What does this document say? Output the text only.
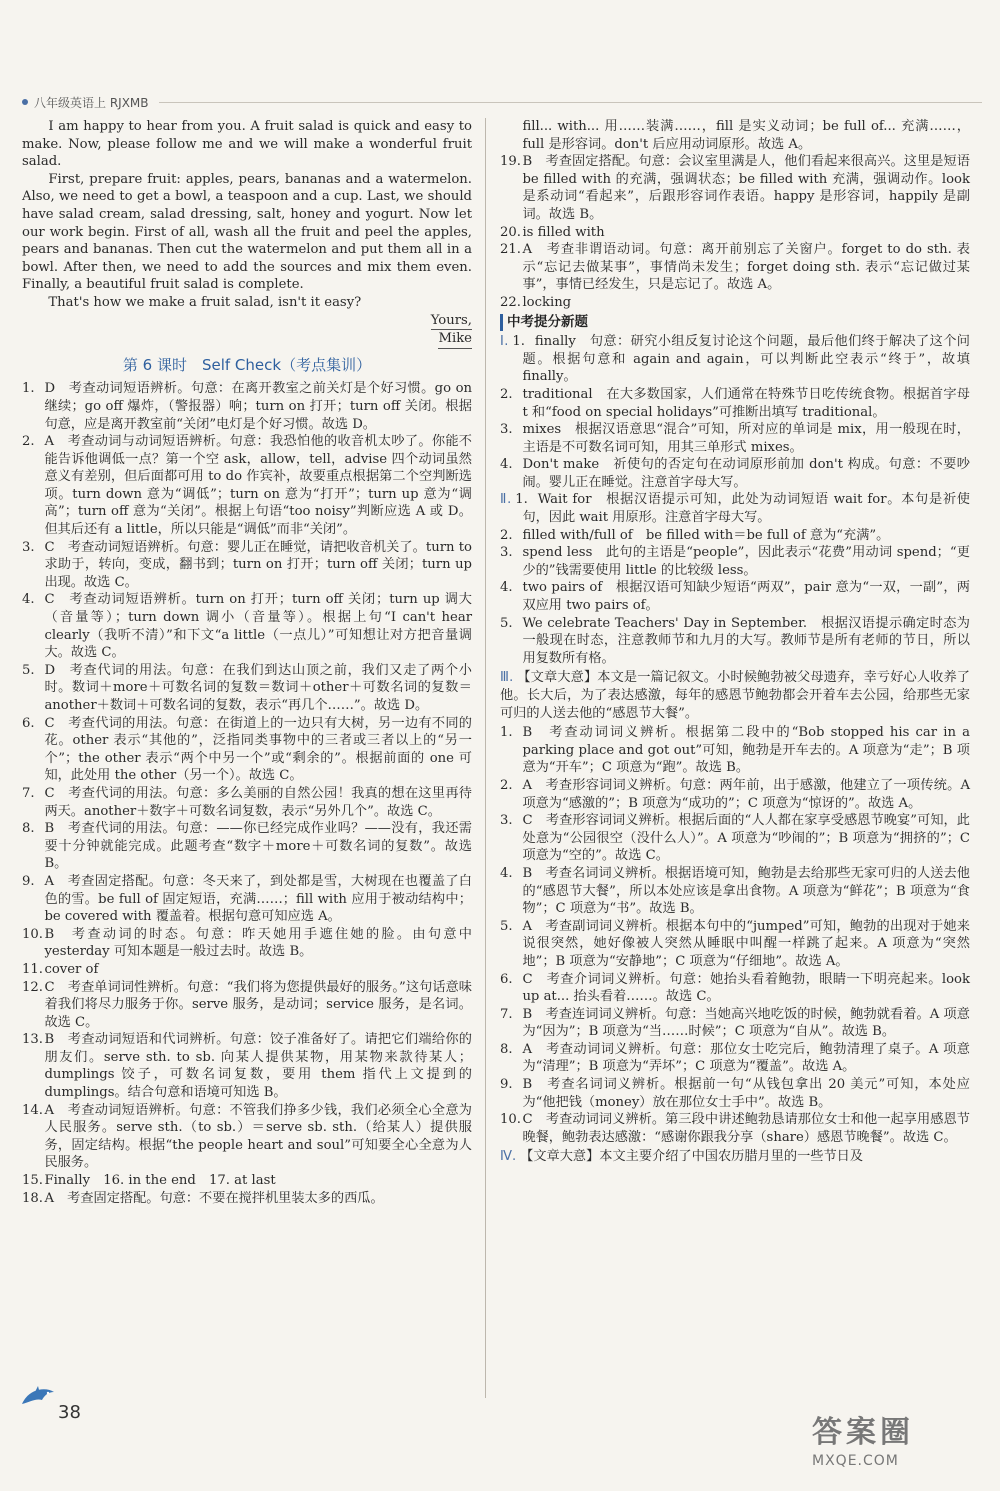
八年级英语上 RJXMB

I am happy to hear from you. A fruit salad is quick and easy to make. Now, please follow me and we will make a wonderful fruit salad.

First, prepare fruit: apples, pears, bananas and a watermelon. Also, we need to get a bowl, a teaspoon and a cup. Last, we should have salad cream, salad dressing, salt, honey and yogurt. Now let our work begin. First of all, wash all the fruit and peel the apples, pears and bananas. Then cut the watermelon and put them all in a bowl. After then, we need to add the sources and mix them even. Finally, a beautiful fruit salad is complete.

That's how we make a fruit salad, isn't it easy?

Yours,

Mike

第 6 课时　Self Check（考点集训）

1. D　考查动词短语辨析。句意：在离开教室之前关灯是个好习惯。go on 继续；go off 爆炸，（警报器）响；turn on 打开；turn off 关闭。根据句意，应是离开教室前“关闭”电灯是个好习惯。故选 D。

2. A　考查动词与动词短语辨析。句意：我恐怕他的收音机太吵了。你能不能告诉他调低一点？第一个空 ask，allow，tell，advise 四个动词虽然意义有差别，但后面都可用 to do 作宾补，故要重点根据第二个空判断选项。turn down 意为“调低”；turn on 意为“打开”；turn up 意为“调高”；turn off 意为“关闭”。根据上句语“too noisy”判断应选 A 或 D。但其后还有 a little，所以只能是“调低”而非“关闭”。

3. C　考查动词短语辨析。句意：婴儿正在睡觉，请把收音机关了。turn to 求助于，转向，变成，翻书到；turn on 打开；turn off 关闭；turn up 出现。故选 C。

4. C　考查动词短语辨析。turn on 打开；turn off 关闭；turn up 调大（音量等）；turn down 调小（音量等）。根据上句“I can't hear clearly（我听不清）”和下文“a little（一点儿）”可知想让对方把音量调大。故选 C。

5. D　考查代词的用法。句意：在我们到达山顶之前，我们又走了两个小时。数词＋more＋可数名词的复数＝数词＋other＋可数名词的复数＝another＋数词＋可数名词的复数，表示“再几个……”。故选 D。

6. C　考查代词的用法。句意：在街道上的一边只有大树，另一边有不同的花。other 表示“其他的”，泛指同类事物中的三者或三者以上的“另一个”；the other 表示“两个中另一个”或“剩余的”。根据前面的 one 可知，此处用 the other（另一个）。故选 C。

7. C　考查代词的用法。句意：多么美丽的自然公园！我真的想在这里再待两天。another＋数字＋可数名词复数，表示“另外几个”。故选 C。

8. B　考查代词的用法。句意：——你已经完成作业吗？——没有，我还需要十分钟就能完成。此题考查“数字＋more＋可数名词的复数”。故选 B。

9. A　考查固定搭配。句意：冬天来了，到处都是雪，大树现在也覆盖了白色的雪。be full of 固定短语，充满……；fill with 应用于被动结构中；be covered with 覆盖着。根据句意可知应选 A。

10.B　考查动词的时态。句意：昨天她用手遮住她的脸。由句意中 yesterday 可知本题是一般过去时。故选 B。

11.cover of

12.C　考查单词词性辨析。句意：“我们将为您提供最好的服务。”这句话意味着我们将尽力服务于你。serve 服务，是动词；service 服务，是名词。故选 C。

13.B　考查动词短语和代词辨析。句意：饺子准备好了。请把它们端给你的朋友们。serve sth. to sb. 向某人提供某物，用某物来款待某人；dumplings 饺子，可数名词复数，要用 them 指代上文提到的 dumplings。结合句意和语境可知选 B。

14.A　考查动词短语辨析。句意：不管我们挣多少钱，我们必须全心全意为人民服务。serve sth.（to sb.）＝serve sb. sth.（给某人）提供服务，固定结构。根据“the people heart and soul”可知要全心全意为人民服务。

15.Finally　16. in the end　17. at last

18.A　考查固定搭配。句意：不要在搅拌机里装太多的西瓜。

fill... with... 用……装满……，fill 是实义动词；be full of... 充满……，full 是形容词。don't 后应用动词原形。故选 A。

19.B　考查固定搭配。句意：会议室里满是人，他们看起来很高兴。这里是短语 be filled with 的充满，强调状态；be filled with 充满，强调动作。look 是系动词“看起来”，后跟形容词作表语。happy 是形容词，happily 是副词。故选 B。

20.is filled with

21.A　考查非谓语动词。句意：离开前别忘了关窗户。forget to do sth. 表示“忘记去做某事”，事情尚未发生；forget doing sth. 表示“忘记做过某事”，事情已经发生，只是忘记了。故选 A。

22.locking

中考提分新题

Ⅰ. 1. finally　句意：研究小组反复讨论这个问题，最后他们终于解决了这个问题。根据句意和 again and again，可以判断此空表示“终于”，故填 finally。

2. traditional　在大多数国家，人们通常在特殊节日吃传统食物。根据首字母 t 和“food on special holidays”可推断出填写 traditional。

3. mixes　根据汉语意思“混合”可知，所对应的单词是 mix，用一般现在时，主语是不可数名词可知，用其三单形式 mixes。

4. Don't make　祈使句的否定句在动词原形前加 don't 构成。句意：不要吵闹。婴儿正在睡觉。注意首字母大写。

Ⅱ. 1. Wait for　根据汉语提示可知，此处为动词短语 wait for。本句是祈使句，因此 wait 用原形。注意首字母大写。

2. filled with/full of　be filled with＝be full of 意为“充满”。

3. spend less　此句的主语是“people”，因此表示“花费”用动词 spend；“更少的”钱需要使用 little 的比较级 less。

4. two pairs of　根据汉语可知缺少短语“两双”，pair 意为“一双，一副”，两双应用 two pairs of。

5. We celebrate Teachers' Day in September.　根据汉语提示确定时态为一般现在时态，注意教师节和九月的大写。教师节是所有老师的节日，所以用复数所有格。

Ⅲ. 【文章大意】本文是一篇记叙文。小时候鲍勃被父母遗弃，幸亏好心人收养了他。长大后，为了表达感激，每年的感恩节鲍勃都会开着车去公园，给那些无家可归的人送去他的“感恩节大餐”。

1. B　考查动词词义辨析。根据第二段中的“Bob stopped his car in a parking place and got out”可知，鲍勃是开车去的。A 项意为“走”；B 项意为“开车”；C 项意为“跑”。故选 B。

2. A　考查形容词词义辨析。句意：两年前，出于感激，他建立了一项传统。A 项意为“感激的”；B 项意为“成功的”；C 项意为“惊讶的”。故选 A。

3. C　考查形容词词义辨析。根据后面的“人人都在家享受感恩节晚宴”可知，此处意为“公园很空（没什么人）”。A 项意为“吵闹的”；B 项意为“拥挤的”；C 项意为“空的”。故选 C。

4. B　考查名词词义辨析。根据语境可知，鲍勃是去给那些无家可归的人送去他的“感恩节大餐”，所以本处应该是拿出食物。A 项意为“鲜花”；B 项意为“食物”；C 项意为“书”。故选 B。

5. A　考查副词词义辨析。根据本句中的“jumped”可知，鲍勃的出现对于她来说很突然，她好像被人突然从睡眠中叫醒一样跳了起来。A 项意为“突然地”；B 项意为“安静地”；C 项意为“仔细地”。故选 A。

6. C　考查介词词义辨析。句意：她抬头看着鲍勃，眼睛一下明亮起来。look up at... 抬头看着……。故选 C。

7. B　考查连词词义辨析。句意：当她高兴地吃饭的时候，鲍勃就看着。A 项意为“因为”；B 项意为“当……时候”；C 项意为“自从”。故选 B。

8. A　考查动词词义辨析。句意：那位女士吃完后，鲍勃清理了桌子。A 项意为“清理”；B 项意为“弄坏”；C 项意为“覆盖”。故选 A。

9. B　考查名词词义辨析。根据前一句“从钱包拿出 20 美元”可知，本处应为“他把钱（money）放在那位女士手中”。故选 B。

10.C　考查动词词义辨析。第三段中讲述鲍勃恳请那位女士和他一起享用感恩节晚餐，鲍勃表达感激：“感谢你跟我分享（share）感恩节晚餐”。故选 C。

Ⅳ. 【文章大意】本文主要介绍了中国农历腊月里的一些节日及

38
答案圈
MXQE.COM
